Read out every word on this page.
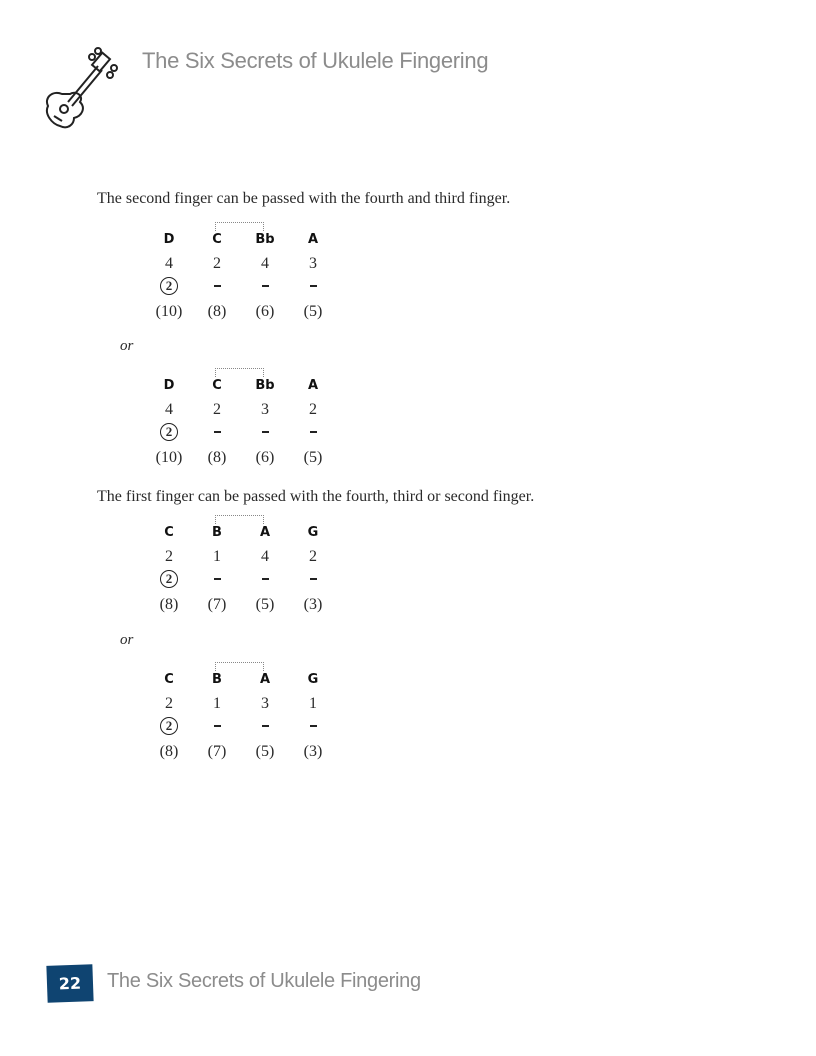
The Six Secrets of Ukulele Fingering
The second finger can be passed with the fourth and third finger.
or
The first finger can be passed with the fourth, third or second finger.
or
D
4
2
(10)
C
2
(8)
Bb
4
(6)
A
3
(5)
D
4
2
(10)
C
2
(8)
Bb
3
(6)
A
2
(5)
C
2
2
(8)
B
1
(7)
A
4
(5)
G
2
(3)
C
2
2
(8)
B
1
(7)
A
3
(5)
G
1
(3)
22	The Six Secrets of Ukulele Fingering
